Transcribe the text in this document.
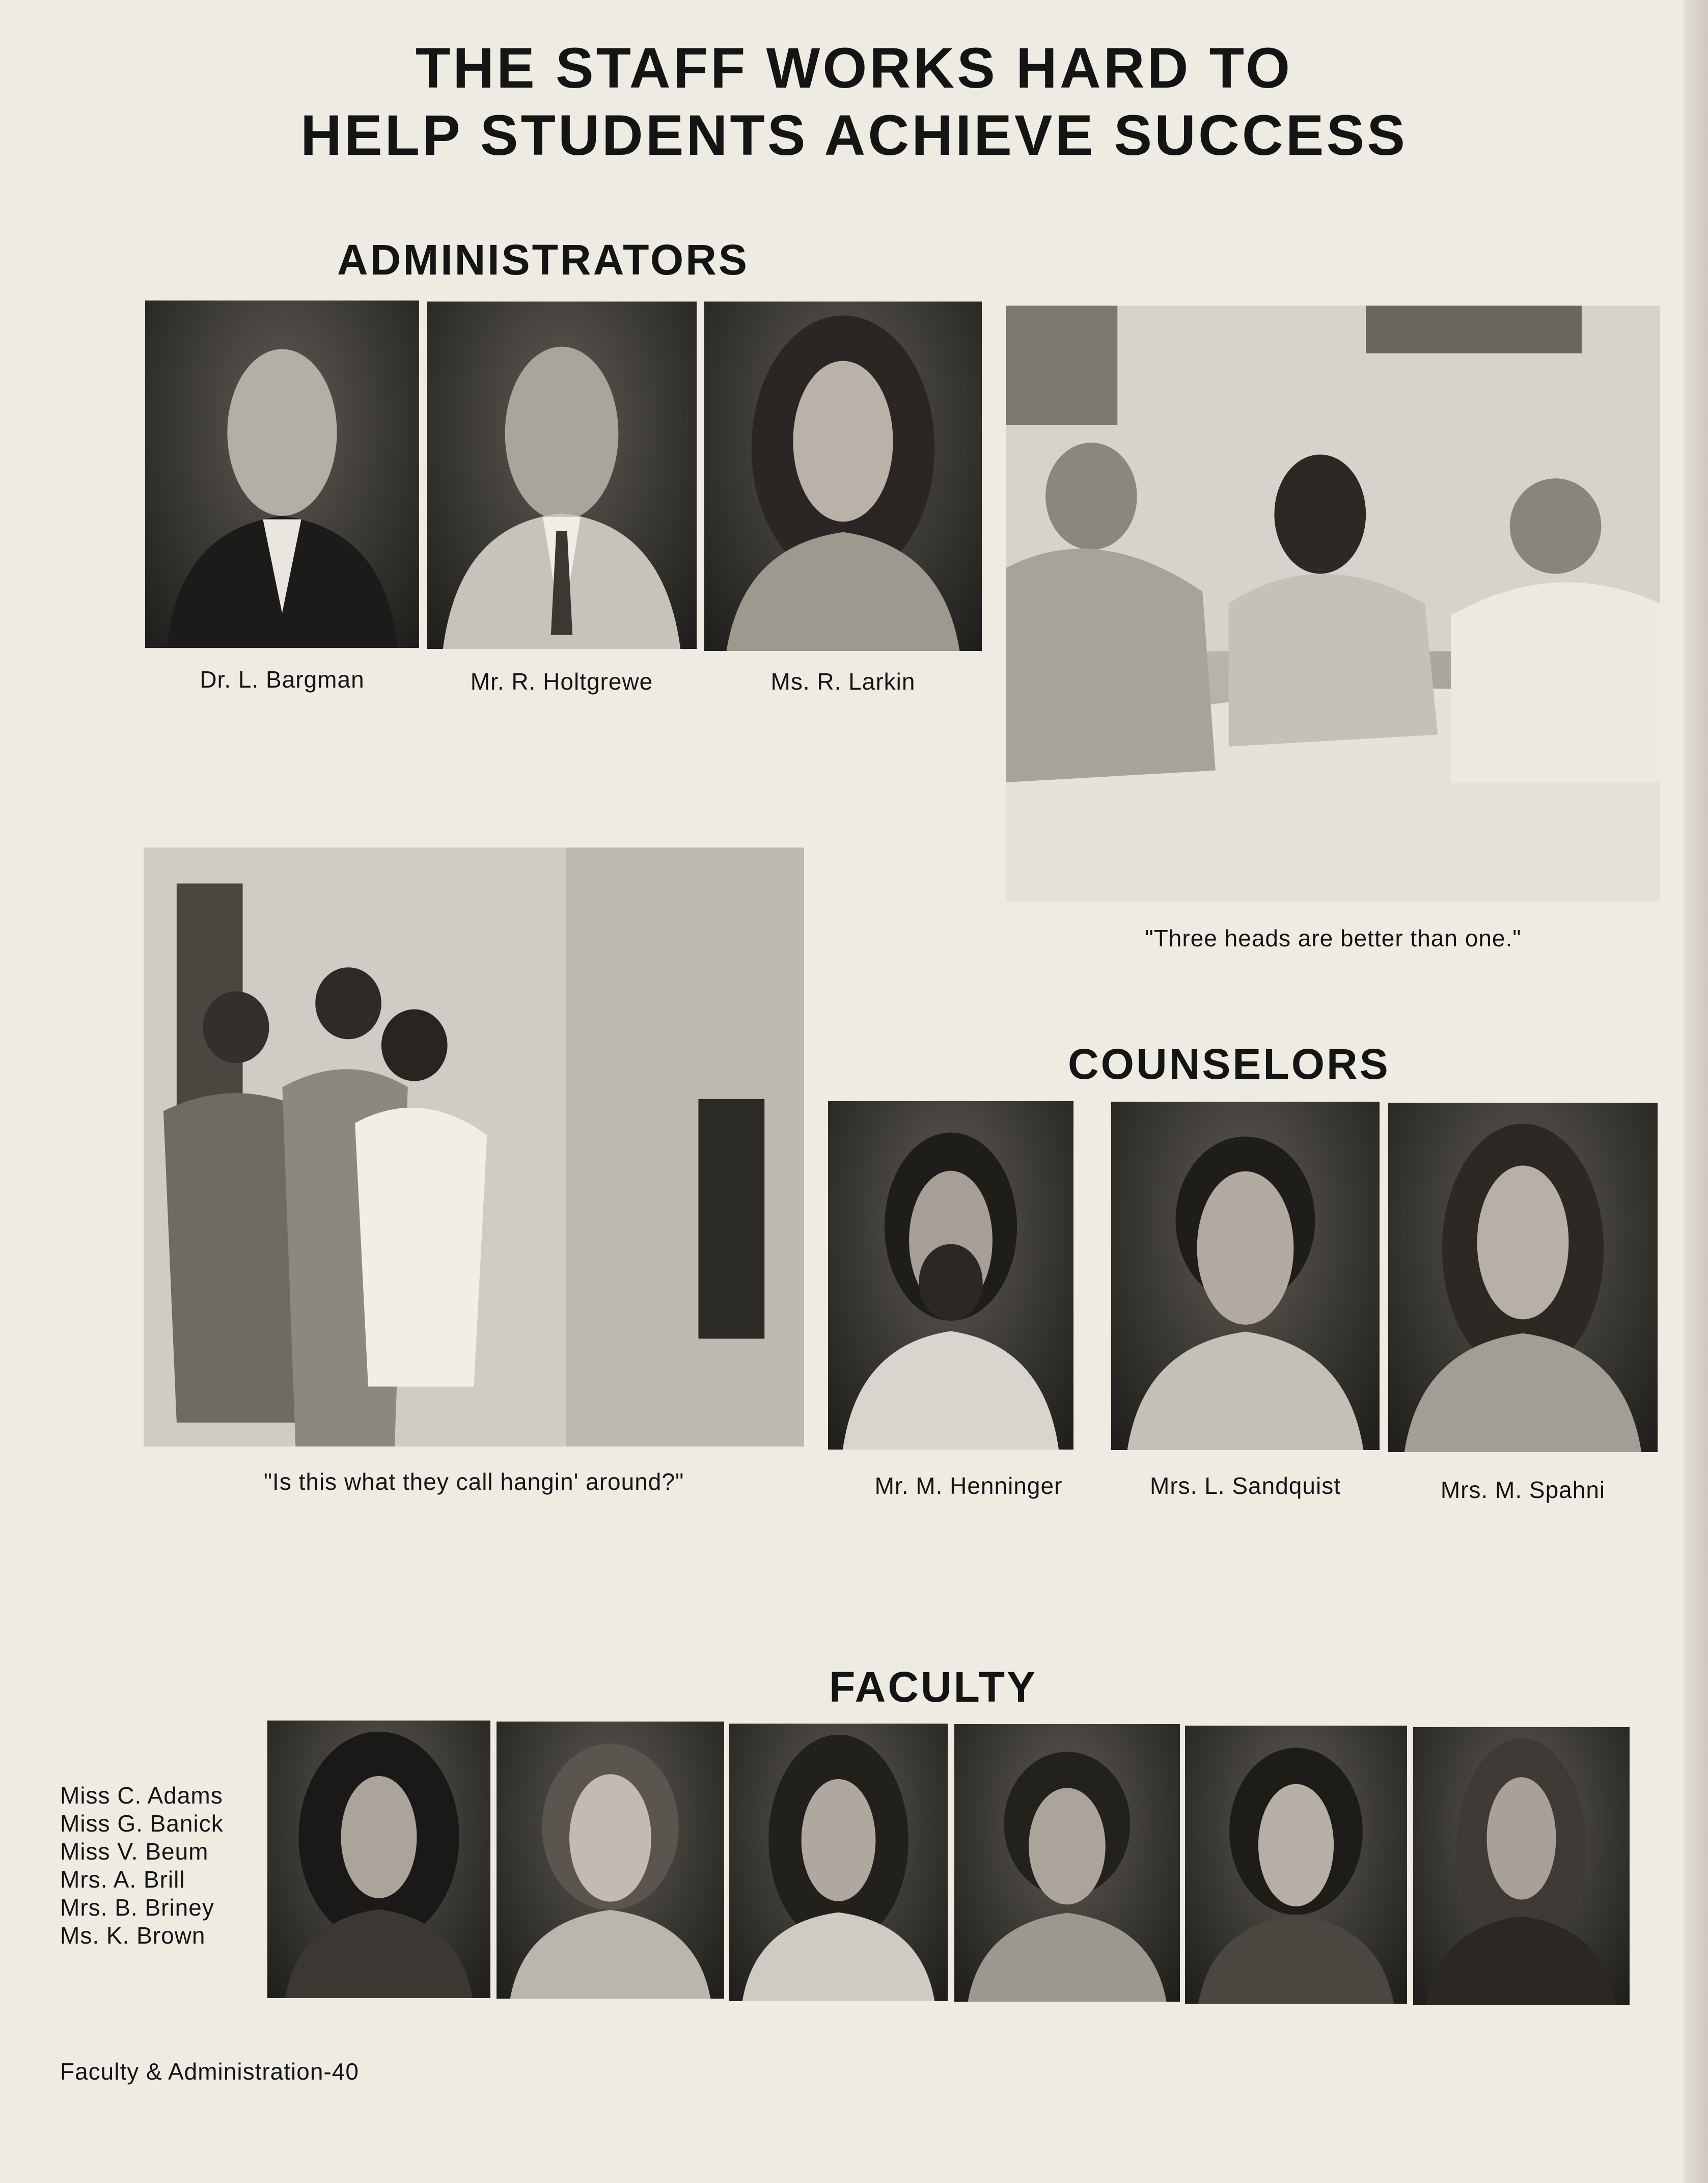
THE STAFF WORKS HARD TO
HELP STUDENTS ACHIEVE SUCCESS
ADMINISTRATORS
Dr. L. Bargman	Mr. R. Holtgrewe	Ms. R. Larkin
"Three heads are better than one."
"Is this what they call hangin' around?"
COUNSELORS
Mr. M. Henninger	Mrs. L. Sandquist	Mrs. M. Spahni
FACULTY
Miss C. Adams
Miss G. Banick
Miss V. Beum
Mrs. A. Brill
Mrs. B. Briney
Ms. K. Brown
Faculty & Administration-40
